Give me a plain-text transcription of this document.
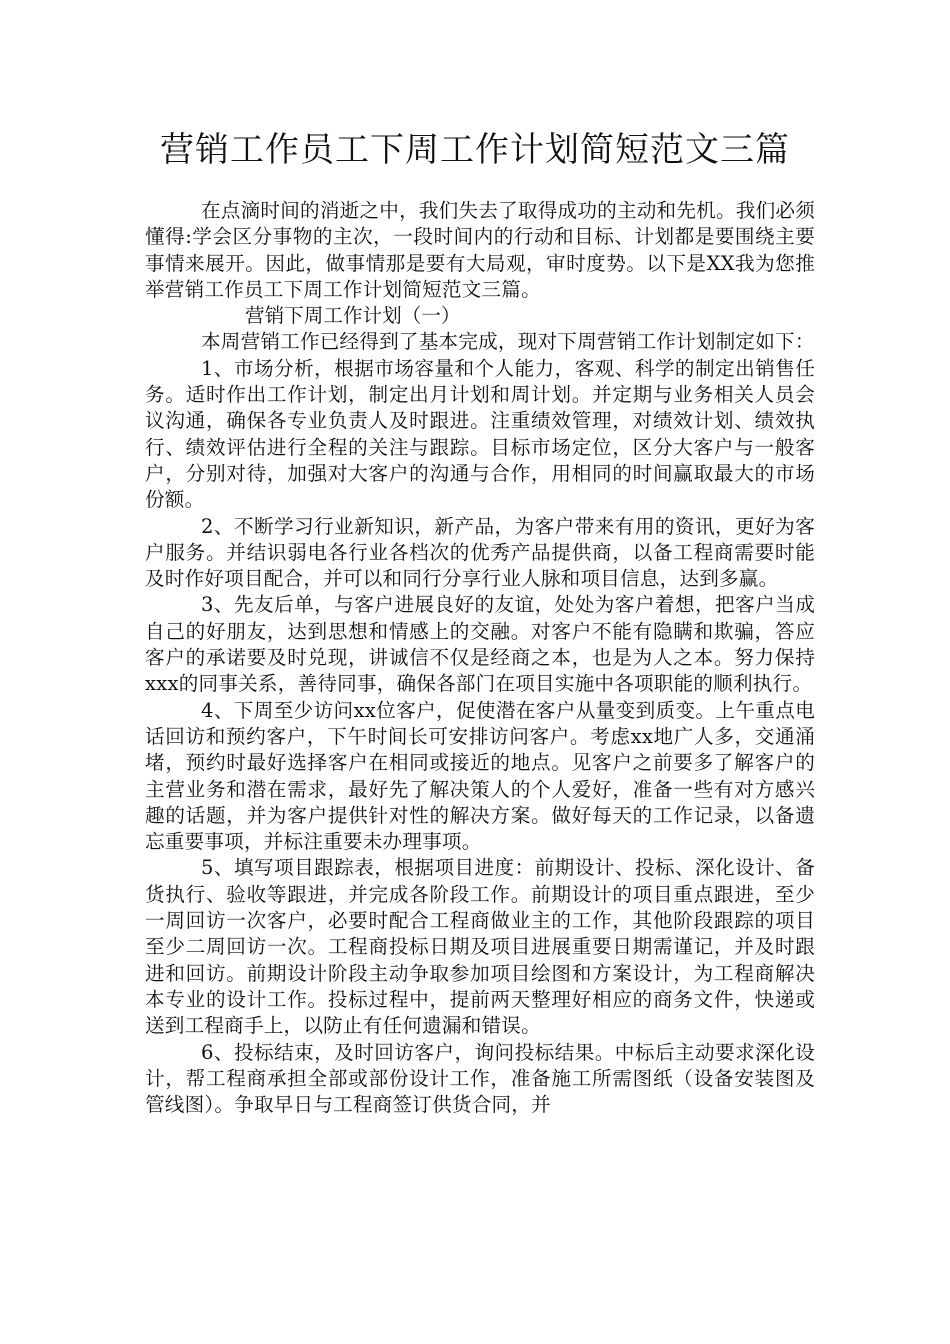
营销工作员工下周工作计划简短范文三篇

在点滴时间的消逝之中，我们失去了取得成功的主动和先机。我们必须懂得:学会区分事物的主次，一段时间内的行动和目标、计划都是要围绕主要事情来展开。因此，做事情那是要有大局观，审时度势。以下是XX我为您推举营销工作员工下周工作计划简短范文三篇。

营销下周工作计划（一）

本周营销工作已经得到了基本完成，现对下周营销工作计划制定如下：

1、市场分析，根据市场容量和个人能力，客观、科学的制定出销售任务。适时作出工作计划，制定出月计划和周计划。并定期与业务相关人员会议沟通，确保各专业负责人及时跟进。注重绩效管理，对绩效计划、绩效执行、绩效评估进行全程的关注与跟踪。目标市场定位，区分大客户与一般客户，分别对待，加强对大客户的沟通与合作，用相同的时间赢取最大的市场份额。

2、不断学习行业新知识，新产品，为客户带来有用的资讯，更好为客户服务。并结识弱电各行业各档次的优秀产品提供商，以备工程商需要时能及时作好项目配合，并可以和同行分享行业人脉和项目信息，达到多赢。

3、先友后单，与客户进展良好的友谊，处处为客户着想，把客户当成自己的好朋友，达到思想和情感上的交融。对客户不能有隐瞒和欺骗，答应客户的承诺要及时兑现，讲诚信不仅是经商之本，也是为人之本。努力保持xxx的同事关系，善待同事，确保各部门在项目实施中各项职能的顺利执行。

4、下周至少访问xx位客户，促使潜在客户从量变到质变。上午重点电话回访和预约客户，下午时间长可安排访问客户。考虑xx地广人多，交通涌堵，预约时最好选择客户在相同或接近的地点。见客户之前要多了解客户的主营业务和潜在需求，最好先了解决策人的个人爱好，准备一些有对方感兴趣的话题，并为客户提供针对性的解决方案。做好每天的工作记录，以备遗忘重要事项，并标注重要未办理事项。

5、填写项目跟踪表，根据项目进度：前期设计、投标、深化设计、备货执行、验收等跟进，并完成各阶段工作。前期设计的项目重点跟进，至少一周回访一次客户，必要时配合工程商做业主的工作，其他阶段跟踪的项目至少二周回访一次。工程商投标日期及项目进展重要日期需谨记，并及时跟进和回访。前期设计阶段主动争取参加项目绘图和方案设计，为工程商解决本专业的设计工作。投标过程中，提前两天整理好相应的商务文件，快递或送到工程商手上，以防止有任何遗漏和错误。

6、投标结束，及时回访客户，询问投标结果。中标后主动要求深化设计，帮工程商承担全部或部份设计工作，准备施工所需图纸（设备安装图及管线图）。争取早日与工程商签订供货合同，并
